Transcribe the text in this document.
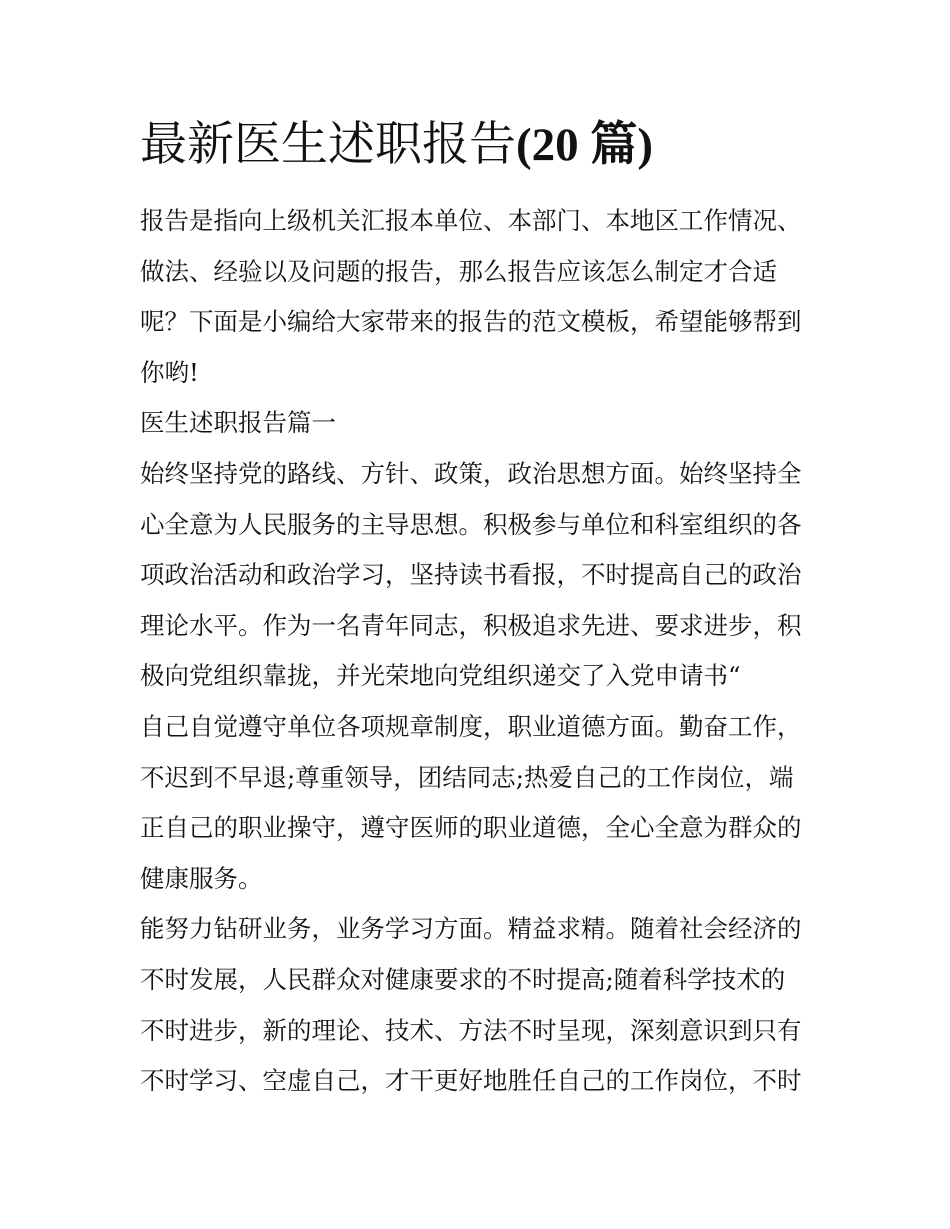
最新医生述职报告(20 篇)
报告是指向上级机关汇报本单位、本部门、本地区工作情况、
做法、经验以及问题的报告，那么报告应该怎么制定才合适
呢？下面是小编给大家带来的报告的范文模板，希望能够帮到
你哟!
医生述职报告篇一
始终坚持党的路线、方针、政策，政治思想方面。始终坚持全
心全意为人民服务的主导思想。积极参与单位和科室组织的各
项政治活动和政治学习，坚持读书看报，不时提高自己的政治
理论水平。作为一名青年同志，积极追求先进、要求进步，积
极向党组织靠拢，并光荣地向党组织递交了入党申请书“
自己自觉遵守单位各项规章制度，职业道德方面。勤奋工作，
不迟到不早退;尊重领导，团结同志;热爱自己的工作岗位，端
正自己的职业操守，遵守医师的职业道德，全心全意为群众的
健康服务。
能努力钻研业务，业务学习方面。精益求精。随着社会经济的
不时发展，人民群众对健康要求的不时提高;随着科学技术的
不时进步，新的理论、技术、方法不时呈现，深刻意识到只有
不时学习、空虚自己，才干更好地胜任自己的工作岗位，不时
